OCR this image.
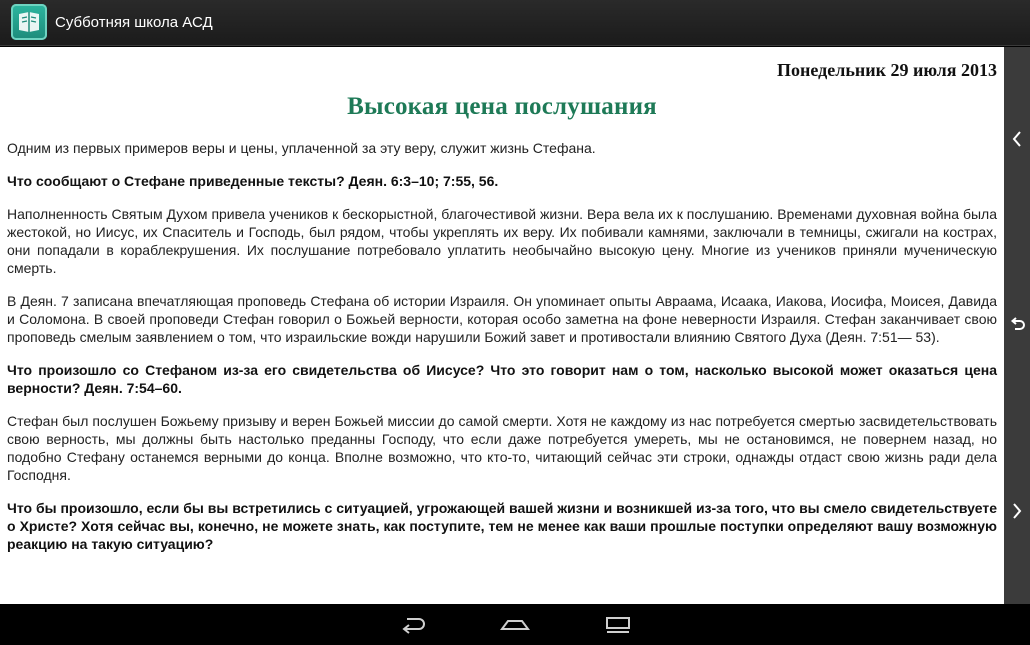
Субботняя школа АСД
Понедельник 29 июля 2013
Высокая цена послушания

Одним из первых примеров веры и цены, уплаченной за эту веру, служит жизнь Стефана.

Что сообщают о Стефане приведенные тексты? Деян. 6:3–10; 7:55, 56.

Наполненность Святым Духом привела учеников к бескорыстной, благочестивой жизни. Вера вела их к послушанию. Временами духовная война была жестокой, но Иисус, их Спаситель и Господь, был рядом, чтобы укреплять их веру. Их побивали камнями, заключали в темницы, сжигали на кострах, они попадали в кораблекрушения. Их послушание потребовало уплатить необычайно высокую цену. Многие из учеников приняли мученическую смерть.

В Деян. 7 записана впечатляющая проповедь Стефана об истории Израиля. Он упоминает опыты Авраама, Исаака, Иакова, Иосифа, Моисея, Давида и Соломона. В своей проповеди Стефан говорил о Божьей верности, которая особо заметна на фоне неверности Израиля. Стефан заканчивает свою проповедь смелым заявлением о том, что израильские вожди нарушили Божий завет и противостали влиянию Святого Духа (Деян. 7:51— 53).

Что произошло со Стефаном из-за его свидетельства об Иисусе? Что это говорит нам о том, насколько высокой может оказаться цена верности? Деян. 7:54–60.

Стефан был послушен Божьему призыву и верен Божьей миссии до самой смерти. Хотя не каждому из нас потребуется смертью засвидетельствовать свою верность, мы должны быть настолько преданны Господу, что если даже потребуется умереть, мы не остановимся, не повернем назад, но подобно Стефану останемся верными до конца. Вполне возможно, что кто-то, читающий сейчас эти строки, однажды отдаст свою жизнь ради дела Господня.

Что бы произошло, если бы вы встретились с ситуацией, угрожающей вашей жизни и возникшей из-за того, что вы смело свидетельствуете о Христе? Хотя сейчас вы, конечно, не можете знать, как поступите, тем не менее как ваши прошлые поступки определяют вашу возможную реакцию на такую ситуацию?
